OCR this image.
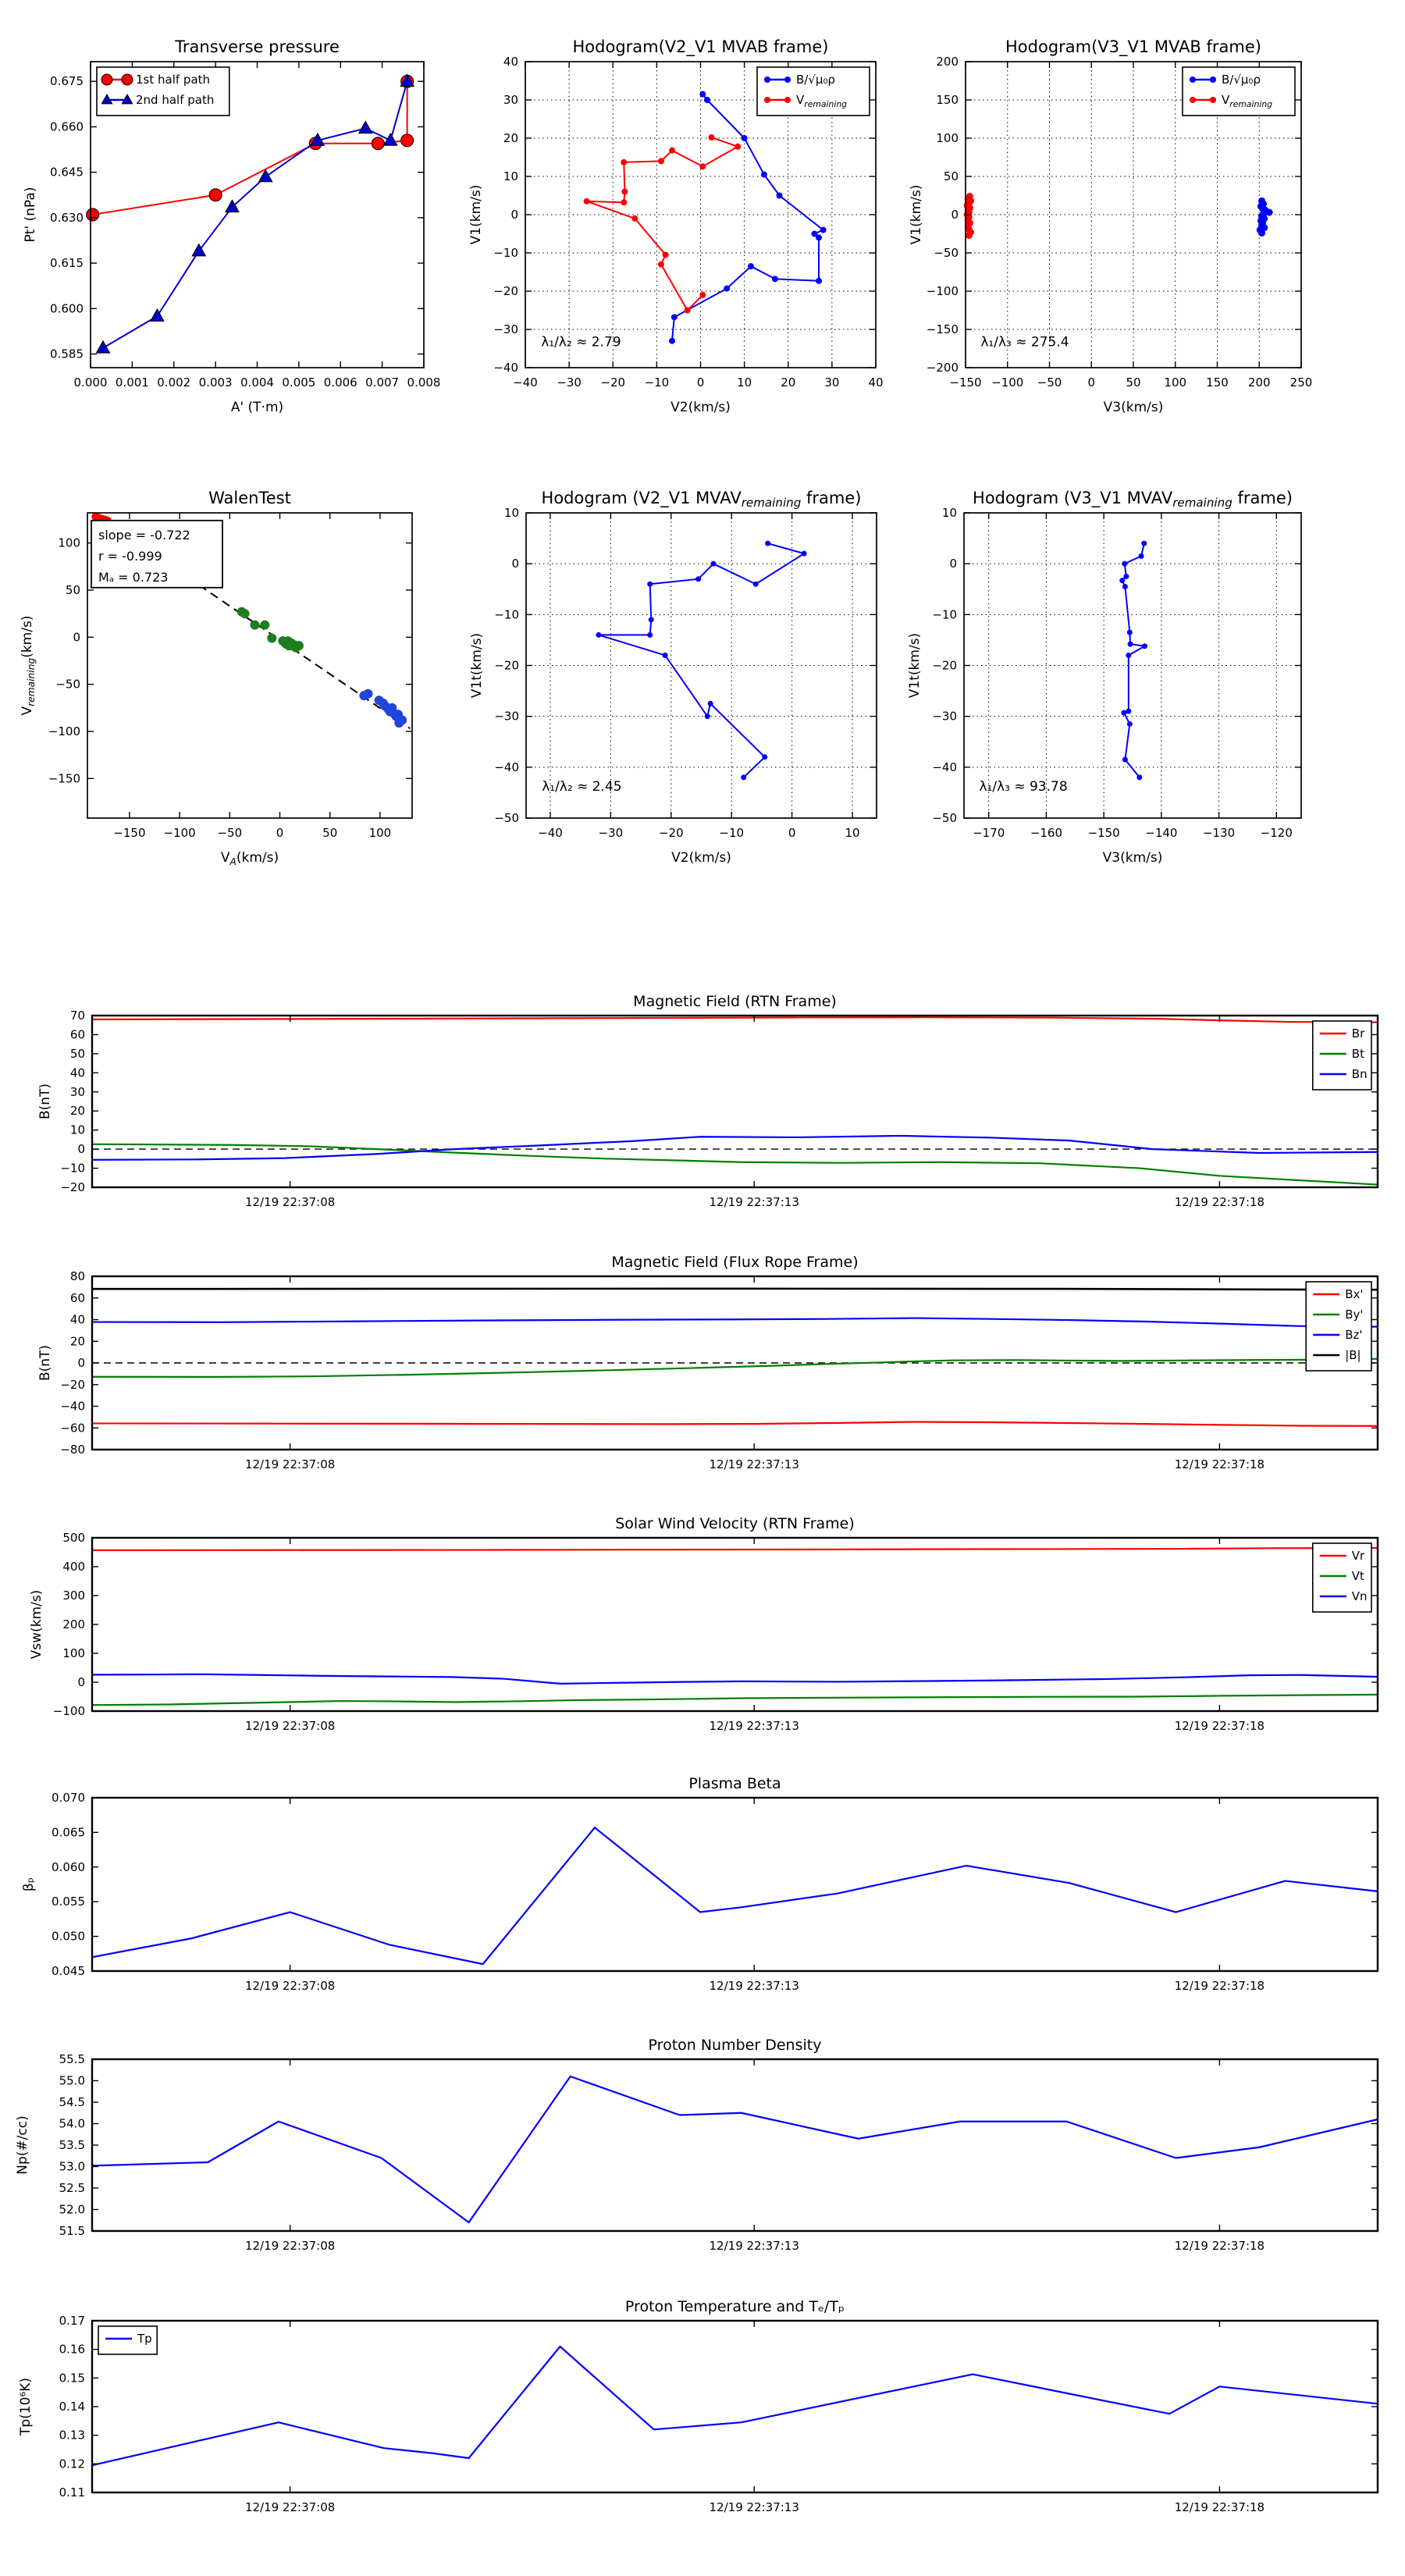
0.000 0.001 0.002 0.003 0.004 0.005 0.006 0.007 0.008
0.585
0.600
0.615
0.630
0.645
0.660
0.675
Transverse pressure
A' (T·m)
Pt' (nPa)
1st half path
2nd half path
−40 −30 −20 −10 0	10 20 30 40
−40
−30
−20
−10
0
10
20
30
40
Hodogram(V2_V1 MVAB frame)
V2(km/s)
V1(km/s)
λ₁/λ₂ ≈ 2.79
B/√μ₀ρ
$V_{remaining}$
−150 −100 −50 0	50 100 150 200 250
−200
−150
−100
−50
0
50
100
150
200
Hodogram(V3_V1 MVAB frame)
V3(km/s)
V1(km/s)
λ₁/λ₃ ≈ 275.4
B/√μ₀ρ
$V_{remaining}$
−150 −100 −50	0	50	100
−150
−100
−50
0
50
100
WalenTest
$V_A(km/s)$
$V_{remaining}(km/s)$
slope = -0.722
r = -0.999
Mₐ = 0.723
−40	−30	−20	−10	0	10
−50
−40
−30
−20
−10
0
10
Hodogram (V2_V1 MVAVremaining frame)
V2(km/s)
V1t(km/s)
λ₁/λ₂ ≈ 2.45
−170 −160 −150 −140 −130 −120
−50
−40
−30
−20
−10
0
10
Hodogram (V3_V1 MVAVremaining frame)
V3(km/s)
V1t(km/s)
λ₁/λ₃ ≈ 93.78
12/19 22:37:08	12/19 22:37:13	12/19 22:37:18
−20
−10
0
10
20
30
40
50
60
70
Magnetic Field (RTN Frame)
B(nT)
Br
Bt
Bn
12/19 22:37:08	12/19 22:37:13	12/19 22:37:18
−80
−60
−40
−20
0
20
40
60
80
Magnetic Field (Flux Rope Frame)
B(nT)
Bx'
By'
Bz'
|B|
12/19 22:37:08	12/19 22:37:13	12/19 22:37:18
−100
0
100
200
300
400
500
Solar Wind Velocity (RTN Frame)
Vsw(km/s)
Vr
Vt
Vn
12/19 22:37:08	12/19 22:37:13	12/19 22:37:18
0.045
0.050
0.055
0.060
0.065
0.070
Plasma Beta
βₚ
12/19 22:37:08	12/19 22:37:13	12/19 22:37:18
51.5
52.0
52.5
53.0
53.5
54.0
54.5
55.0
55.5
Proton Number Density
Np(#/cc)
12/19 22:37:08	12/19 22:37:13	12/19 22:37:18
0.11
0.12
0.13
0.14
0.15
0.16
0.17
Proton Temperature and Tₑ/Tₚ
Tp(10⁶K)
Tp
